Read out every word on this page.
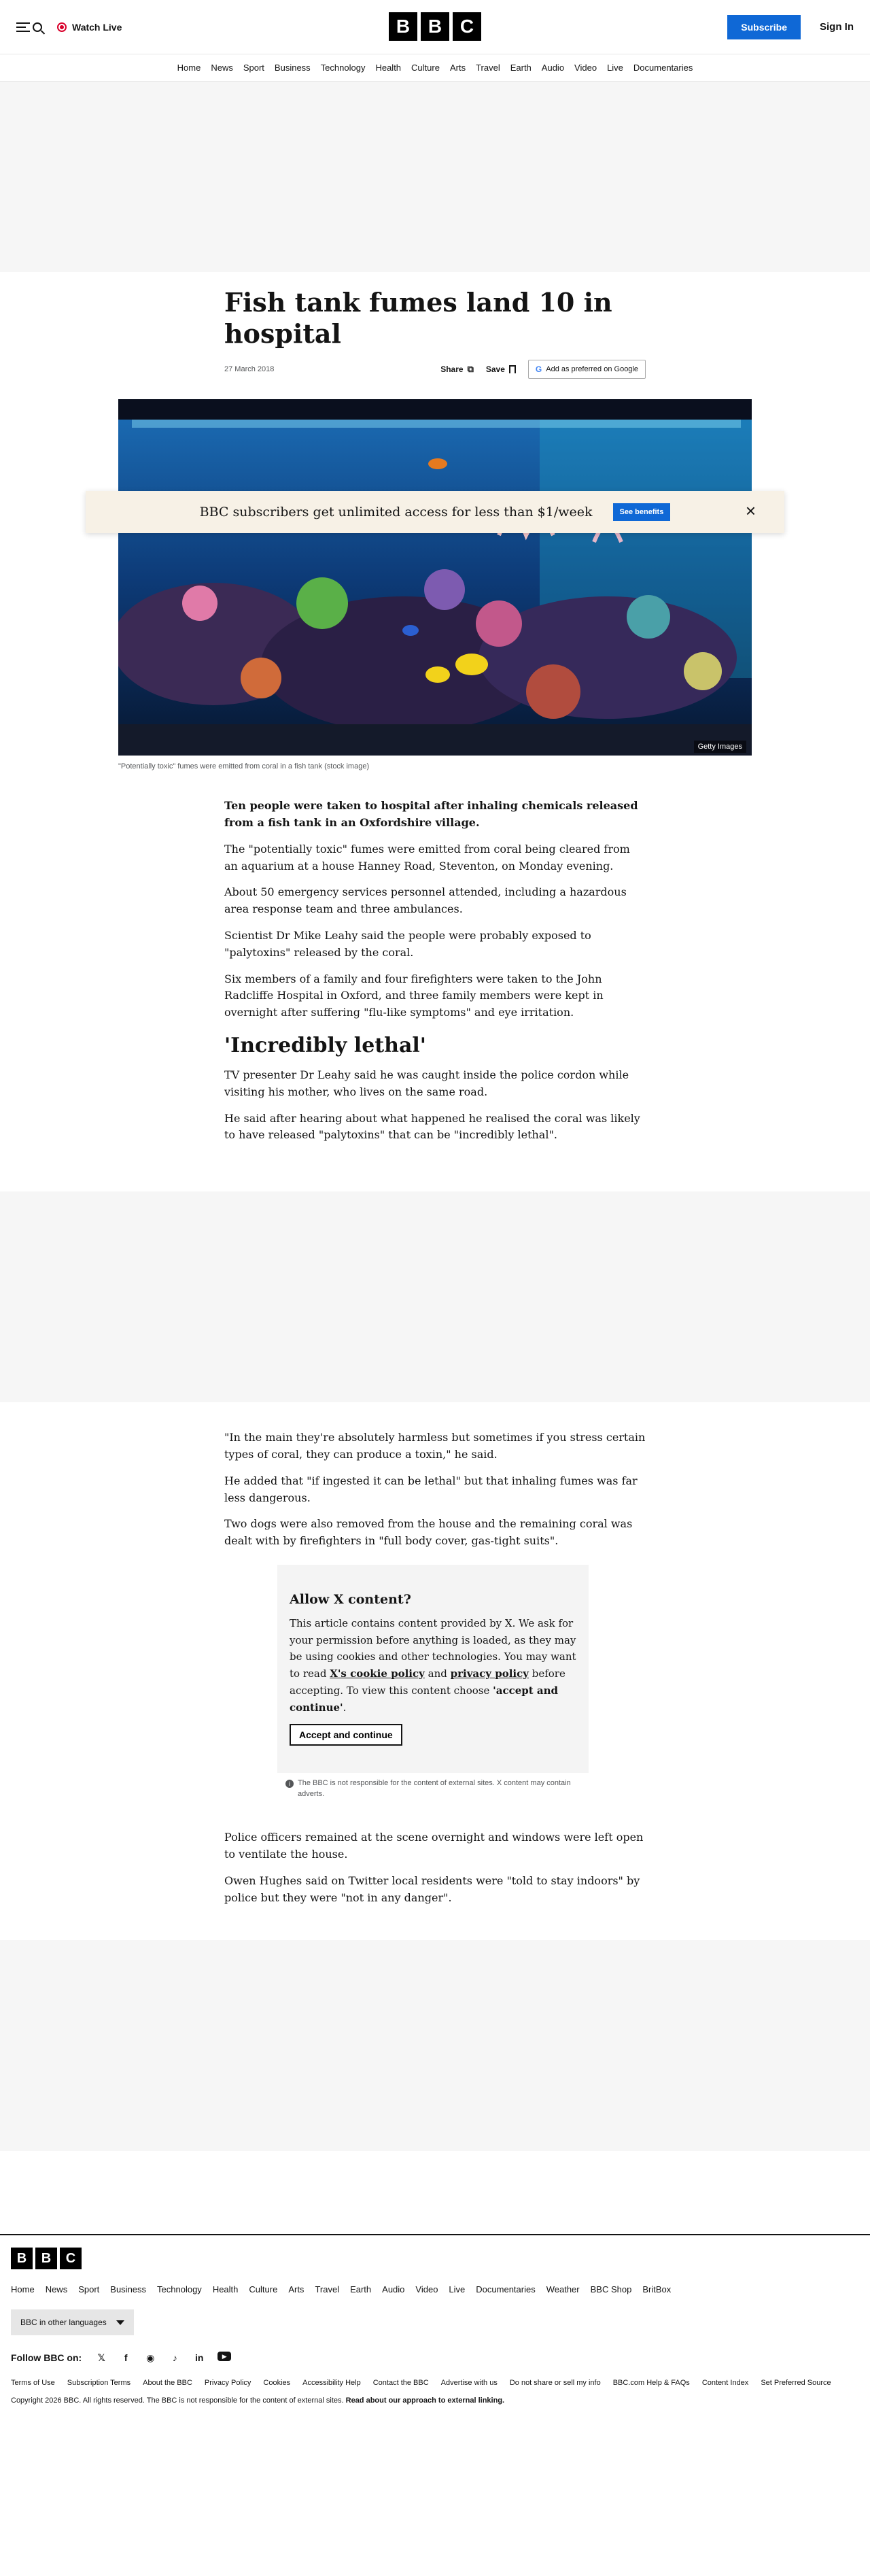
Watch Live	B B C	Subscribe	Sign In
Home News Sport Business Technology Health Culture Arts Travel Earth Audio Video Live Documentaries
Fish tank fumes land 10 in hospital
27 March 2018	Share ⧉ Save	G Add as preferred on Google
Getty Images

"Potentially toxic" fumes were emitted from coral in a fish tank (stock image)

Ten people were taken to hospital after inhaling chemicals released from a fish tank in an Oxfordshire village.

The "potentially toxic" fumes were emitted from coral being cleared from an aquarium at a house Hanney Road, Steventon, on Monday evening.

About 50 emergency services personnel attended, including a hazardous area response team and three ambulances.

Scientist Dr Mike Leahy said the people were probably exposed to "palytoxins" released by the coral.

Six members of a family and four firefighters were taken to the John Radcliffe Hospital in Oxford, and three family members were kept in overnight after suffering "flu-like symptoms" and eye irritation.

'Incredibly lethal'

TV presenter Dr Leahy said he was caught inside the police cordon while visiting his mother, who lives on the same road.

He said after hearing about what happened he realised the coral was likely to have released "palytoxins" that can be "incredibly lethal".

"In the main they're absolutely harmless but sometimes if you stress certain types of coral, they can produce a toxin," he said.

He added that "if ingested it can be lethal" but that inhaling fumes was far less dangerous.

Two dogs were also removed from the house and the remaining coral was dealt with by firefighters in "full body cover, gas-tight suits".

Allow X content?

This article contains content provided by X. We ask for your permission before anything is loaded, as they may be using cookies and other technologies. You may want to read X's cookie policy and privacy policy before accepting. To view this content choose 'accept and continue'.

Accept and continue
i	The BBC is not responsible for the content of external sites. X content may contain adverts.

Police officers remained at the scene overnight and windows were left open to ventilate the house.

Owen Hughes said on Twitter local residents were "told to stay indoors" by police but they were "not in any danger".

BBC subscribers get unlimited access for less than $1/week	See benefits	×
B	B	C
Home News Sport Business Technology Health Culture Arts Travel Earth Audio Video Live Documentaries Weather BBC Shop BritBox
BBC in other languages
Follow BBC on: 𝕏	f	◉	♪	in	▶
Terms of Use Subscription Terms About the BBC Privacy Policy Cookies Accessibility Help Contact the BBC Advertise with us Do not share or sell my info BBC.com Help & FAQs Content Index Set Preferred Source

Copyright 2026 BBC. All rights reserved. The BBC is not responsible for the content of external sites. Read about our approach to external linking.
